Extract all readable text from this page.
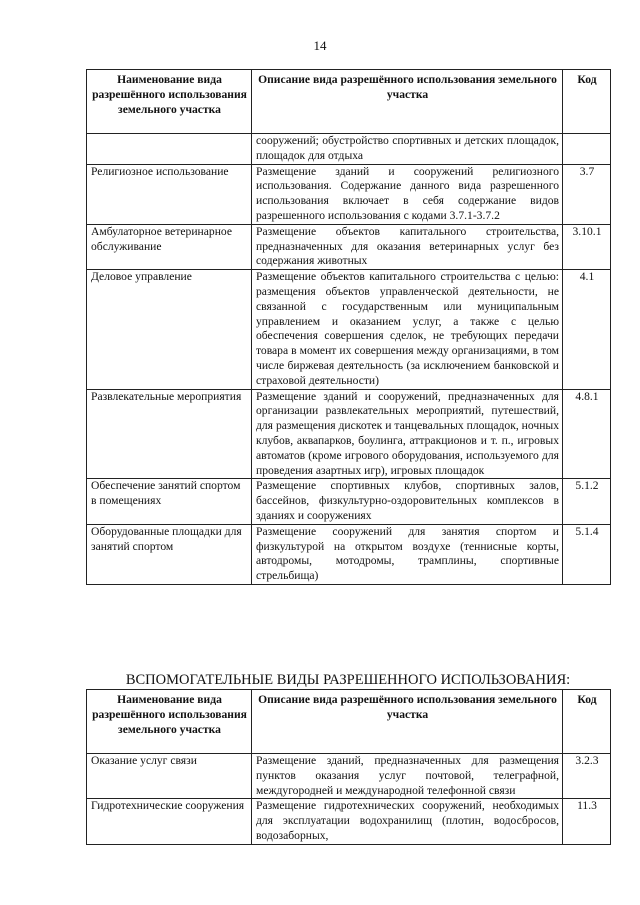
14
Наименование вида разрешённого использования земельного участка	Описание вида разрешённого использования земельного участка	Код
	сооружений; обустройство спортивных и детских площадок, площадок для отдыха	
Религиозное использование	Размещение зданий и сооружений религиозного использования. Содержание данного вида разрешенного использования включает в себя содержание видов разрешенного использования с кодами 3.7.1-3.7.2	3.7
Амбулаторное ветеринарное обслуживание	Размещение объектов капитального строительства, предназначенных для оказания ветеринарных услуг без содержания животных	3.10.1
Деловое управление	Размещение объектов капитального строительства с целью: размещения объектов управленческой деятельности, не связанной с государственным или муниципальным управлением и оказанием услуг, а также с целью обеспечения совершения сделок, не требующих передачи товара в момент их совершения между организациями, в том числе биржевая деятельность (за исключением банковской и страховой деятельности)	4.1
Развлекательные мероприятия	Размещение зданий и сооружений, предназначенных для организации развлекательных мероприятий, путешествий, для размещения дискотек и танцевальных площадок, ночных клубов, аквапарков, боулинга, аттракционов и т. п., игровых автоматов (кроме игрового оборудования, используемого для проведения азартных игр), игровых площадок	4.8.1
Обеспечение занятий спортом в помещениях	Размещение спортивных клубов, спортивных залов, бассейнов, физкультурно-оздоровительных комплексов в зданиях и сооружениях	5.1.2
Оборудованные площадки для занятий спортом	Размещение сооружений для занятия спортом и физкультурой на открытом воздухе (теннисные корты, автодромы, мотодромы, трамплины, спортивные стрельбища)	5.1.4
ВСПОМОГАТЕЛЬНЫЕ ВИДЫ РАЗРЕШЕННОГО ИСПОЛЬЗОВАНИЯ:
Наименование вида разрешённого использования земельного участка	Описание вида разрешённого использования земельного участка	Код
Оказание услуг связи	Размещение зданий, предназначенных для размещения пунктов оказания услуг почтовой, телеграфной, междугородней и международной телефонной связи	3.2.3
Гидротехнические сооружения	Размещение гидротехнических сооружений, необходимых для эксплуатации водохранилищ (плотин, водосбросов, водозаборных,	11.3
